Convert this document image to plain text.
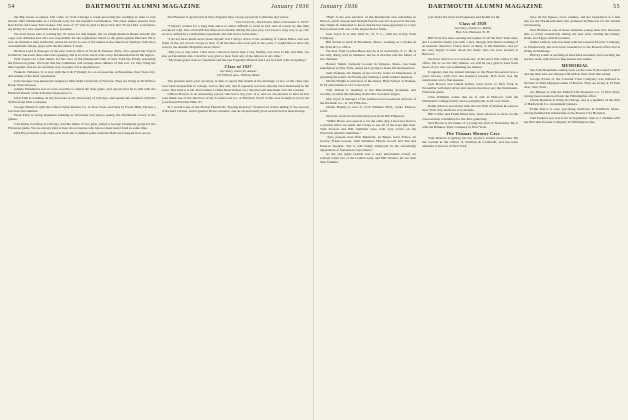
54	DARTMOUTH ALUMNI MAGAZINE	January 1936

the Big Green as ushers. Del came on from Chicago a week preceding the wedding in time to join eleven other Dartmouths at a farewell party for the bachelor Lubchenkos. The other ushers present were Ken Ervin and Casey McCracken. The class of '27 will be glad to know that Del '25 and Mrs. Lubchenko are living in a new apartment in Kew Gardens.

We don't know who is writing the '27 notes for this month, but we might mention Duane Arnold, the cager who dribbled and who was responsible for the sophomore bench at the game against Harvard. He is now an insurance man in Boston, where he serves as one of the ushers at the church on Sundays. Still keen on basketball, Duane plays with the Brookline Y team.

Richard Ladd is manager of the new branch office of Stone & Webster. Dick, who opened the branch in Detroit, has been there since the opening, and is in close touch with every Dartmouth man in the region.

Walt Tagart ran a fine dinner for the class of the Dartmouth Club of New York the Friday preceding the Princeton game. We hope that the committee will arrange more dinners of this sort, for they bring the men together and are an excellent way to renew old acquaintances.

Frank K. Nebeker, Jr. is now with the C & P Weekly Co. as an associate at Brookline, New York City, and resides at the Kent apartments.

John Sprague was married in August to Miss Ruth Cudworth of Newton. They are living at 40 Wallace Road, West Newton.

Johnny Hammond was in town recently to attend the Yale game, and reports that he is still with the Hartford branch of the Travelers Insurance Co.

Dick Ellis is working on his doctorate at the University of Chicago, and spends his summers with the Yellowstone Park Company.

George Duniel is with the United States Rubber Co. in New York, and lives in Forest Hills. He has a son born last summer.

Doug Fenn is doing insurance banking in Worcester and enjoys seeing the Dartmouth crowd at the games.

Carl Kuhn, traveling in Chicago, and the father of two girls, joined a George Champion group for the Princeton game. We are always glad to hear about anyone who has not been heard from in some time.

Dirk Boyd and his wife came over from the Columbia game with the Halls and stopped in to see us.

Don Bennett is again back in New England after a long sojourn in California and writes:

"222 Green St., Dorchester, Mass. December 3, 1935"

"I haven't written for a long time and it is rather difficult to write in bed, and of course by this time you know why. Our old health has improved steadily during the past year, but it had a long way to go. We are now settled in a comfortable apartment and will be for some time."

"I do not have much news about myself, but I did go down to the wedding of Chuck Fuller, and saw many of the old crowd. I hope to hear of all the men who took part in the years. I would like to have my news in the Alumni Magazine more often."

"Did you or any other 'class news collectors' know that a boy, Jimmy, was born to Mr. and Mrs. Joe Roe on December 2nd. I shall be very glad to hear from any of the fellows at any time."

"My hand grand class is Caledonia and the late Founders' Brunch and I are in touch with everything."

Class of 1927

Secretary, Dean W. Aeneas

132 Willow Ave., Walton, Mass.

The greatest news your secretary is able to report this month is the marriage of two of the class who have been inseparable in college, and so they did, and if reported, we have already been mentioned in the news. This time it is Mr. Dan Gilbert to Miss Ruth Wilson on a trip that will take them over the country.

Gifford Bowers is an interesting person who had a big year of it, and we are pleased to hear he has been made one of the directors of the Colonial Air Co. at Hartford. Word of this was brought to us by his good friend Fletcher Hale '27.

In a recent issue of the Boston Herald the "Racing Reporter" featured an article telling of the success of Richard Clinton, in his Quarter Horse ventures, and an exceptionally good season he has been having.

January 1936	DARTMOUTH ALUMNI MAGAZINE	55

"Bud" is the sole survivor of the Dartmouth clan remaining in Detroit, and if anyone had thought that he was not as good as the rest, they might be interested to know that he has been appointed to a very fine position with one of the largest motor firms.

Jack Joyce is at One Wall St., N. Y. C., with the Irving Trust Company.

Bill Sterne is back in Brookline, Mass., working as a broker in the Tyler & Co. office.

We hear from Gordon Huey that he is in Greenville, S. C. He is not only doing well in business, but he is married and the father of two children.

Barney Smith, formerly located in Walpole, Mass., has been transferred to New York, where he is going to make his headquarters.

Sam Twining, the master of the Crosby estate in Manchester, is spending his winter in Florida and running a small lumber business.

Martin Wright is principal of the Junior High School at Nashua, N. H. and resides at 112 Concord St.

Walt Wilson is teaching at the Mercersburg Academy, and recently coached the debating teams that won their league.

Mac Joyce is manager of the partition and woodwork division of the Kirlando Co., at 110 Fifth Ave.

Monte Bonnie is now at 1519 Wilshire Blvd., Santa Monica, Calif.

We have received the following note from Bill Plimpton:

"Willie Howe was seen in a car the other day. I have not been to a reunion since our tenth, but I hope to see all of the boys this June. Tom Stewart and Bill Spillman were both very active on the Princeton alumni committee."

"Also present were Bob Reinhold, Al Baker, Gary Prince, Al Jacobs, Frank Gowen, Sam Weinmer, Howie Gooch and Ted and Frances Spencer. Ted is still busily employed in the advertising department of Sensation Corporation."

At the last game (which was a very unfortunate event) we noticed Grant Orr of the Golden Gate, and Bill Watters, all out with their families.

you desire the most and happiness and health for all.

Class of 1928

Secretary, Luther G. Moller

Box 311, Hanover, N. H.

Bill Frost has been sending the names of all the New York men, and I wouldn't blame you with a fact, though, that there's nothing of an unusual character. I have news of many of the members, and we are very happy to hear about the many who are now located at Hanover.

We have tried not to overlook any of the news that comes to the office, but as we are only human, we will be very glad to hear from those of you who see something we missed.

It appears that the annual banquet at the Hotel Roosevelt was a great success, with over one hundred present. Bob Scott was the toastmaster and a fine speaker.

Jack Bowen and Chuck Kelley went down to New York in November with their wives and reports that they saw the Dartmouth-Princeton game.

John Williams writes that he is still at Hanover with the Dartmouth College faculty and is enjoying his work very much.

Ralph Allen is associated with the law firm of Perkins & Lane in New York City and lives in Scarsdale.

Bill Coffee and Frank Bates have been selected to serve on the class reunion committee for the June gathering.

Ned Brown is the father of a young son born in November. He is with the Bankers Trust Company in New York.

The Thomas Monroe Case

Tom Monroe is getting his law practice started down-town. He has located in the offices of Sullivan & Cromwell, and has been admitted to the bar of New York.

have all the figures, food, candles, and the inspiration of a fine day for the Dartmouth men who gathered in Hanover for the annual fall meeting.

Don Holmes is one of those fortunate young men who has been able to travel extensively during the past year, visiting the Orient, India, and Egypt with his parents.

Walter Clifton, who has been with the General Electric Company in Schenectady, has now been transferred to the Boston office and is living in Wellesley.

Harvey Lamb is teaching at Deerfield Academy and coaching the hockey team, which had a fine season last winter.

MEMORIAL

See Tom Benjamin coming back on the train from Grand Central and the men who are staying with him in New York this winter.

George Evans of the Colonial Trust Company was married in October to Miss Margaret Allen of Boston. They are living at 19 Park Ave., New York.

Art Benner is with the Mutual Life Insurance Co. of New York, having been transferred from the Philadelphia office.

Chuck Baldwin is living in Chicago and is a member of the firm of Baldwin & Co., investment bankers.

Frank Pierce is now practicing medicine in Pittsfield, Mass., having finished his interneship at the Boston City Hospital.

Sam Parker's son was born in September. Sam is a chemist with the Hercules Powder Company in Wilmington, Del.
